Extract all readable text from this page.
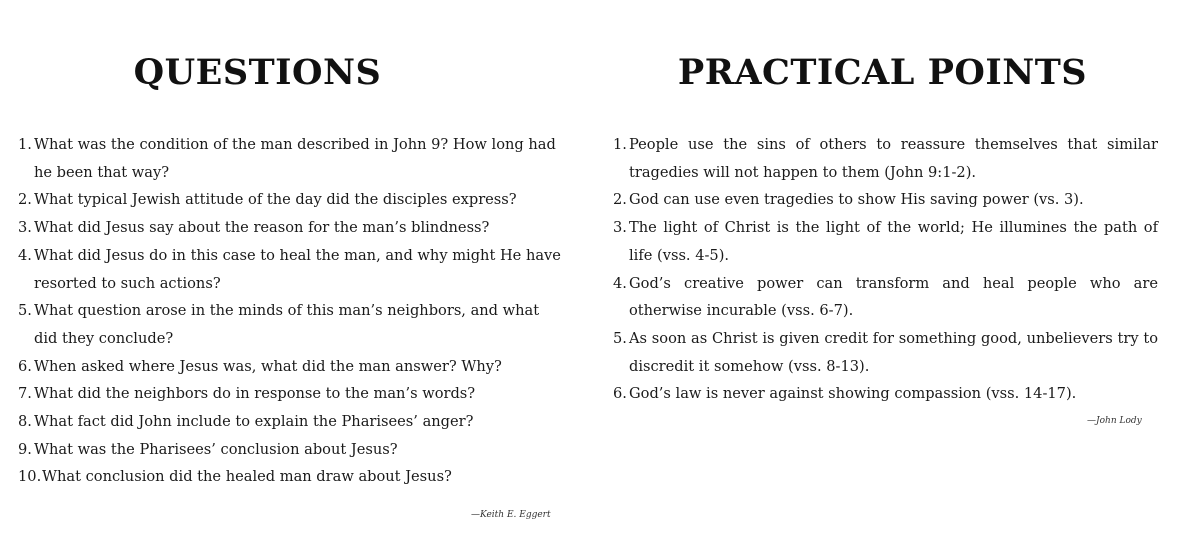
QUESTIONS
1. What was the condition of the man described in John 9? How long had he been that way?
2. What typical Jewish attitude of the day did the disciples express?
3. What did Jesus say about the reason for the man’s blindness?
4. What did Jesus do in this case to heal the man, and why might He have resorted to such actions?
5. What question arose in the minds of this man’s neighbors, and what did they conclude?
6. When asked where Jesus was, what did the man answer? Why?
7. What did the neighbors do in response to the man’s words?
8. What fact did John include to explain the Pharisees’ anger?
9. What was the Pharisees’ conclusion about Jesus?
10. What conclusion did the healed man draw about Jesus?
—Keith E. Eggert
PRACTICAL POINTS
1. People use the sins of others to reassure themselves that similar tragedies will not happen to them (John 9:1-2).
2. God can use even tragedies to show His saving power (vs. 3).
3. The light of Christ is the light of the world; He illumines the path of life (vss. 4-5).
4. God’s creative power can transform and heal people who are otherwise incurable (vss. 6-7).
5. As soon as Christ is given credit for something good, unbelievers try to discredit it somehow (vss. 8-13).
6. God’s law is never against showing compassion (vss. 14-17).
—John Lody
